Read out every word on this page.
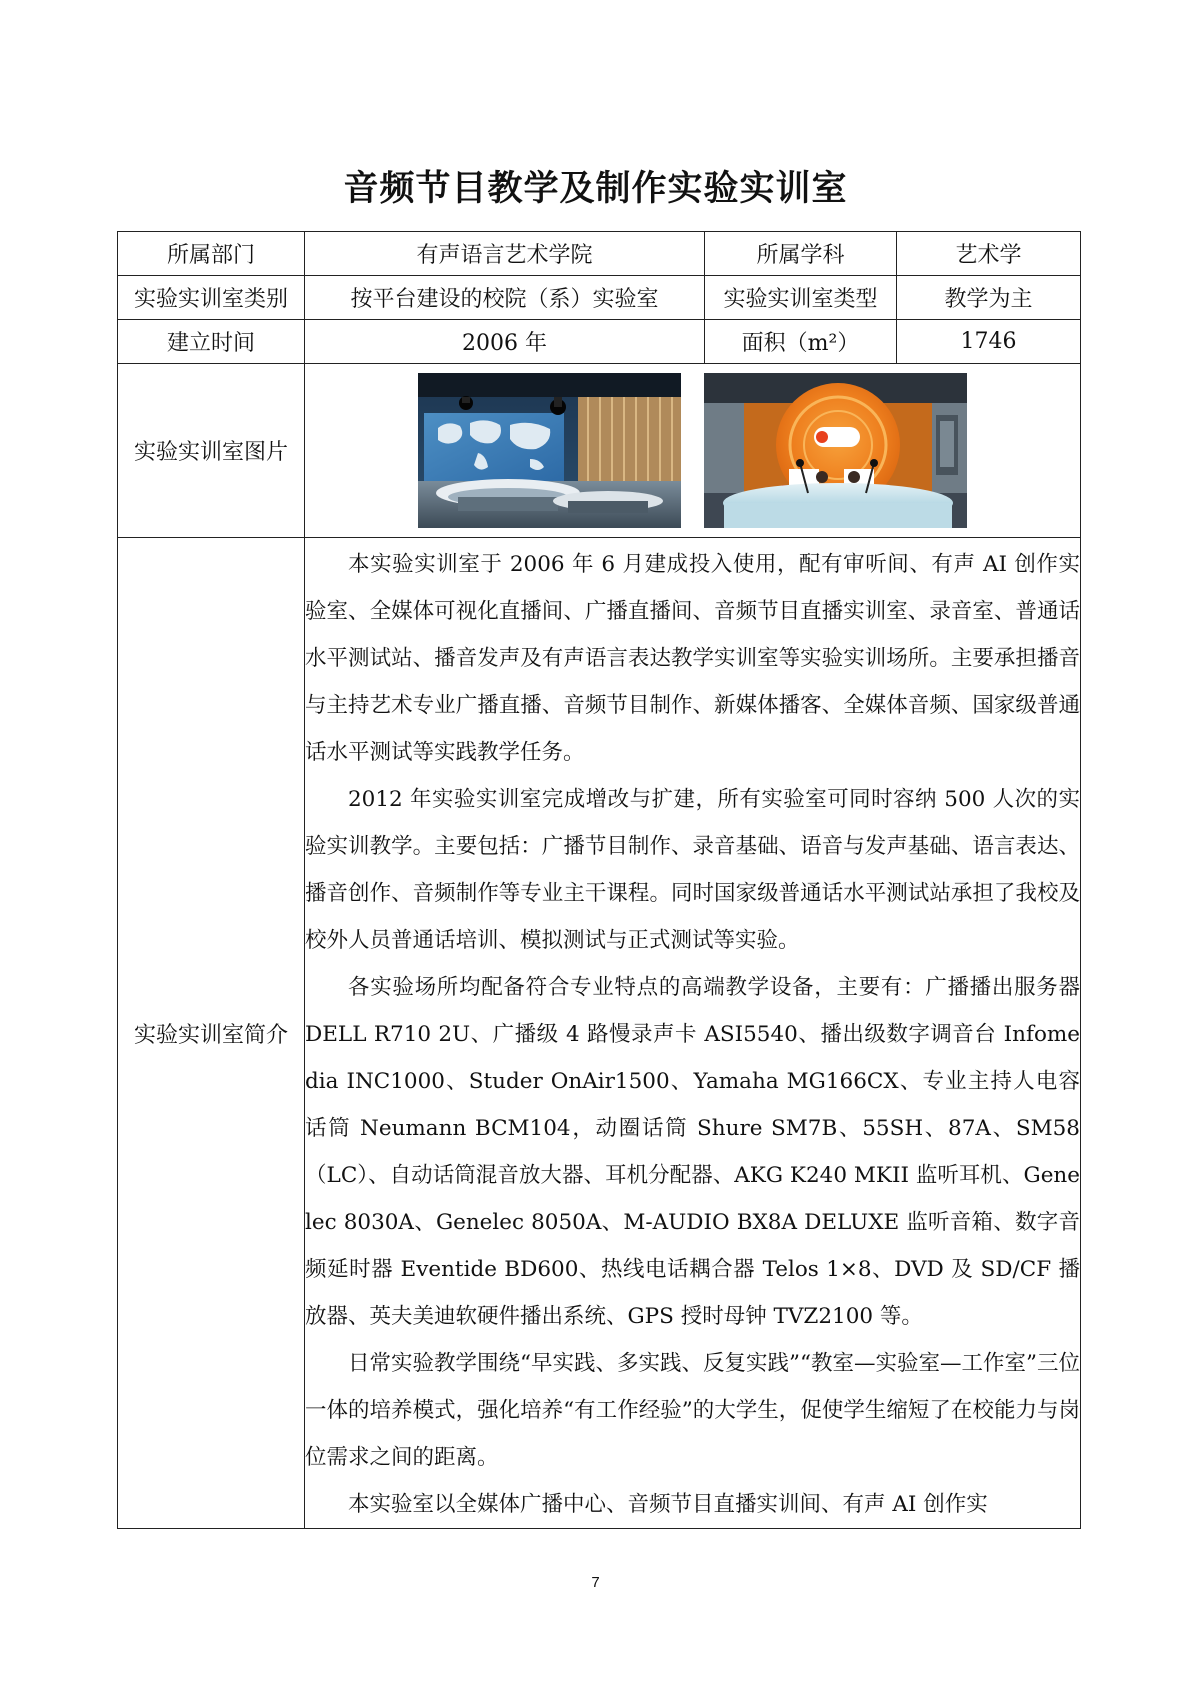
音频节目教学及制作实验实训室
所属部门	有声语言艺术学院	所属学科	艺术学
实验实训室类别	按平台建设的校院（系）实验室	实验实训室类型	教学为主
建立时间	2006 年	面积（m²）	1746
实验实训室图片	

实验实训室简介	本实验实训室于 2006 年 6 月建成投入使用，配有审听间、有声 AI 创作实验室、全媒体可视化直播间、广播直播间、音频节目直播实训室、录音室、普通话水平测试站、播音发声及有声语言表达教学实训室等实验实训场所。主要承担播音与主持艺术专业广播直播、音频节目制作、新媒体播客、全媒体音频、国家级普通话水平测试等实践教学任务。

2012 年实验实训室完成增改与扩建，所有实验室可同时容纳 500 人次的实验实训教学。主要包括：广播节目制作、录音基础、语音与发声基础、语言表达、播音创作、音频制作等专业主干课程。同时国家级普通话水平测试站承担了我校及校外人员普通话培训、模拟测试与正式测试等实验。

各实验场所均配备符合专业特点的高端教学设备，主要有：广播播出服务器 DELL R710 2U、广播级 4 路慢录声卡 ASI5540、播出级数字调音台 Infomedia INC1000、Studer OnAir1500、Yamaha MG166CX、专业主持人电容话筒 Neumann BCM104，动圈话筒 Shure SM7B、55SH、87A、SM58（LC）、自动话筒混音放大器、耳机分配器、AKG K240 MKII 监听耳机、Genelec 8030A、Genelec 8050A、M-AUDIO BX8A DELUXE 监听音箱、数字音频延时器 Eventide BD600、热线电话耦合器 Telos 1×8、DVD 及 SD/CF 播放器、英夫美迪软硬件播出系统、GPS 授时母钟 TVZ2100 等。

日常实验教学围绕“早实践、多实践、反复实践”“教室—实验室—工作室”三位一体的培养模式，强化培养“有工作经验”的大学生，促使学生缩短了在校能力与岗位需求之间的距离。

本实验室以全媒体广播中心、音频节目直播实训间、有声 AI 创作实		

7
